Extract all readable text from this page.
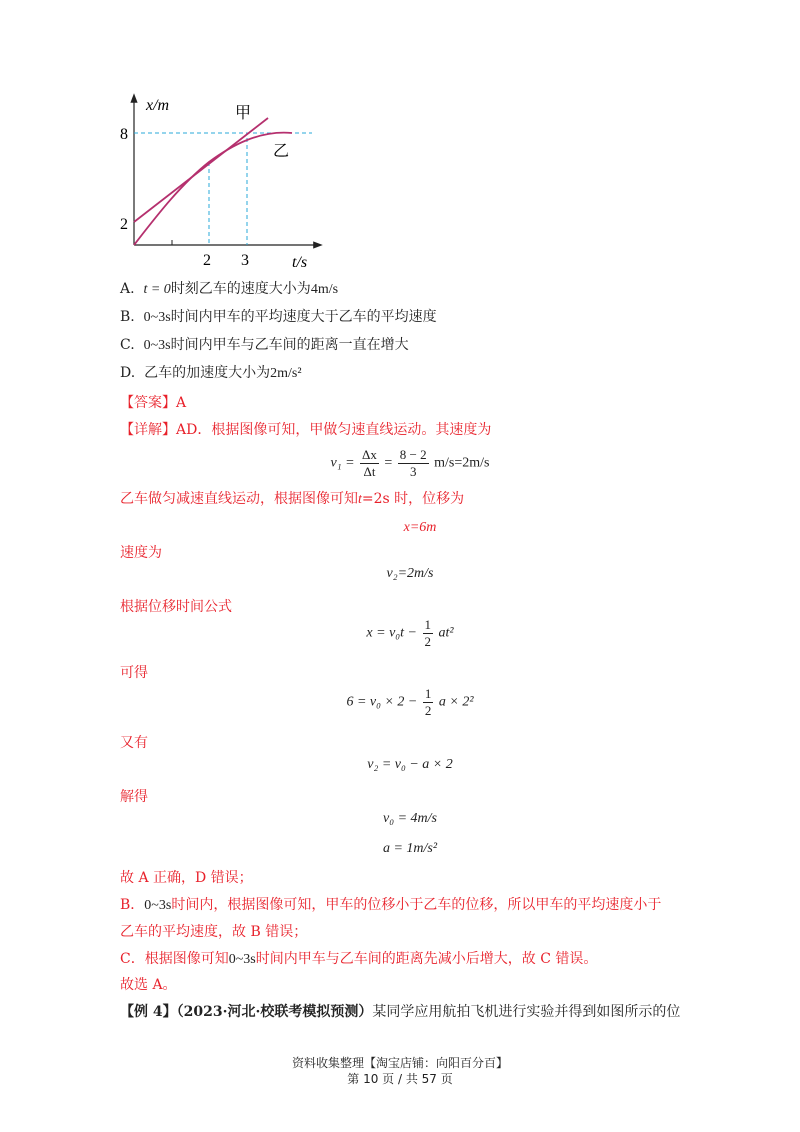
x/m
t/s
8
2
2 3
甲
乙
A. t = 0时刻乙车的速度大小为4m/s
B. 0~3s时间内甲车的平均速度大于乙车的平均速度
C. 0~3s时间内甲车与乙车间的距离一直在增大
D. 乙车的加速度大小为2m/s²
【答案】A
【详解】AD．根据图像可知，甲做匀速直线运动。其速度为
$v_1 = \frac{\Delta x}{\Delta t} = \frac{8 - 2}{3} m/s=2m/s$
乙车做匀减速直线运动，根据图像可知t=2s 时，位移为
x=6m
速度为
v₂=2m/s
根据位移时间公式
$x = v_0t - \frac{1}{2} at^2$
可得
$6 = v_0 \times 2 - \frac{1}{2}$ a × 2²
又有
v₂ = v₀ − a × 2
解得
v₀ = 4m/s
a = 1m/s²
故 A 正确，D 错误；
B．0~3s时间内，根据图像可知，甲车的位移小于乙车的位移，所以甲车的平均速度小于
乙车的平均速度，故 B 错误；
C．根据图像可知0~3s时间内甲车与乙车间的距离先减小后增大，故 C 错误。
故选 A。
【例 4】（2023·河北·校联考模拟预测）某同学应用航拍飞机进行实验并得到如图所示的位
资料收集整理【淘宝店铺：向阳百分百】
第 10 页 / 共 57 页
